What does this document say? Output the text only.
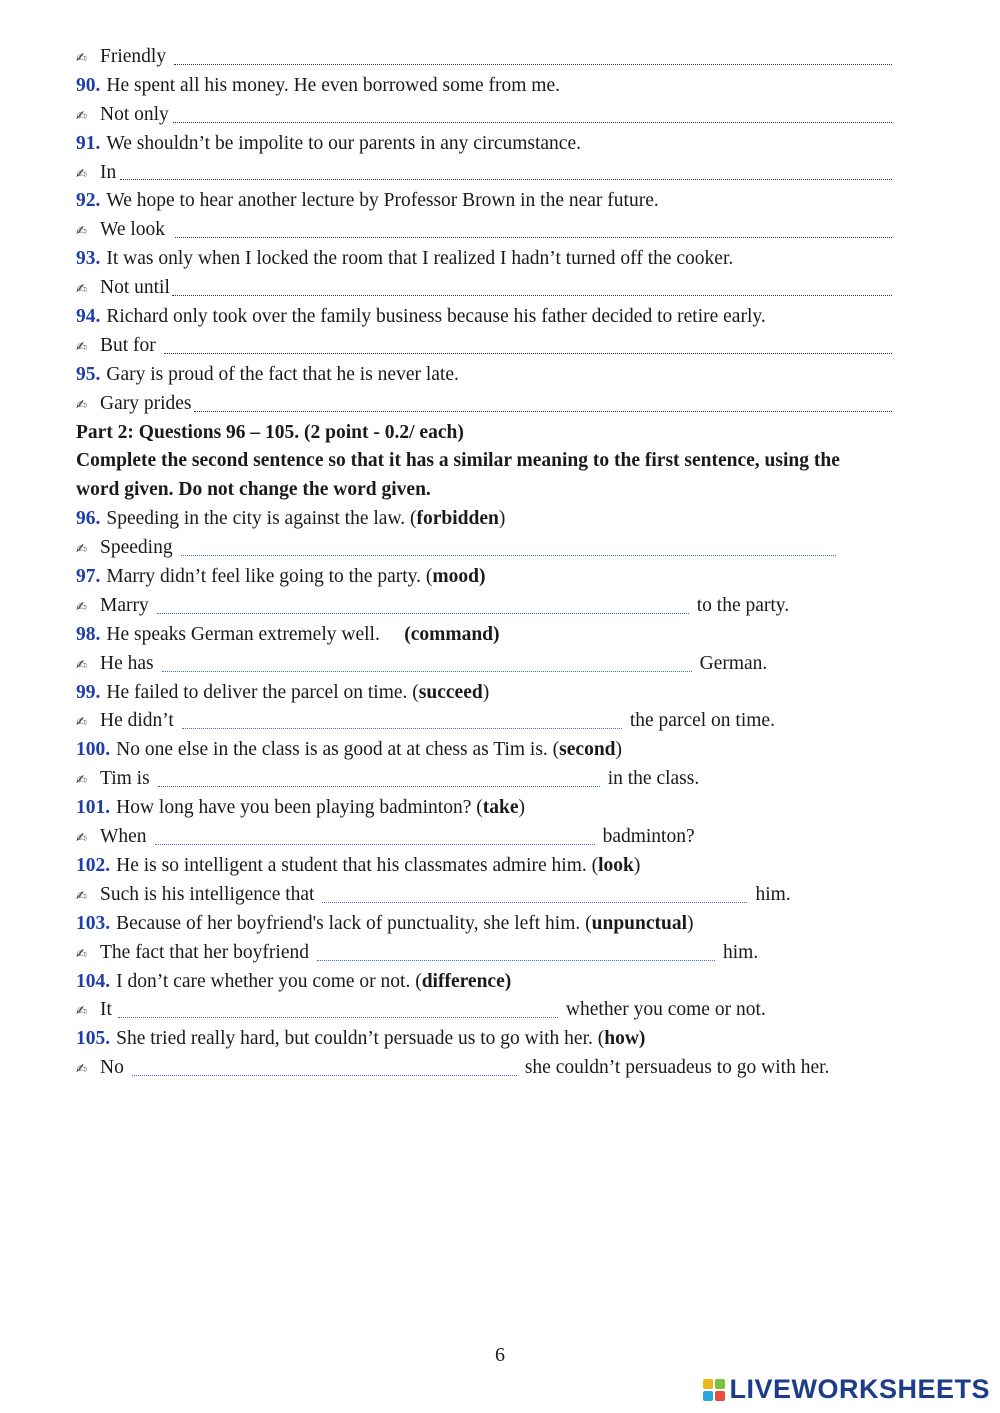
✍ Friendly
90. He spent all his money. He even borrowed some from me.
✍ Not only
91. We shouldn’t be impolite to our parents in any circumstance.
✍ In
92. We hope to hear another lecture by Professor Brown in the near future.
✍ We look
93. It was only when I locked the room that I realized I hadn’t turned off the cooker.
✍ Not until
94. Richard only took over the family business because his father decided to retire early.
✍ But for
95. Gary is proud of the fact that he is never late.
✍ Gary prides
Part 2: Questions 96 – 105. (2 point - 0.2/ each)
Complete the second sentence so that it has a similar meaning to the first sentence, using the
word given. Do not change the word given.
96. Speeding in the city is against the law. ( forbidden )
✍ Speeding
97. Marry didn’t feel like going to the party. ( mood)
✍ Marry	to the party.
98. He speaks German extremely well. (command)
✍ He has	German.
99. He failed to deliver the parcel on time. ( succeed )
✍ He didn’t	the parcel on time.
100. No one else in the class is as good at at chess as Tim is. ( second )
✍ Tim is	in the class.
101. How long have you been playing badminton? ( take )
✍ When	badminton?
102. He is so intelligent a student that his classmates admire him. ( look )
✍ Such is his intelligence that	him.
103. Because of her boyfriend's lack of punctuality, she left him. ( unpunctual )
✍ The fact that her boyfriend	him.
104. I don’t care whether you come or not. ( difference)
✍ It	whether you come or not.
105. She tried really hard, but couldn’t persuade us to go with her. ( how)
✍ No	she couldn’t persuadeus to go with her.
6
LIVEWORKSHEETS
